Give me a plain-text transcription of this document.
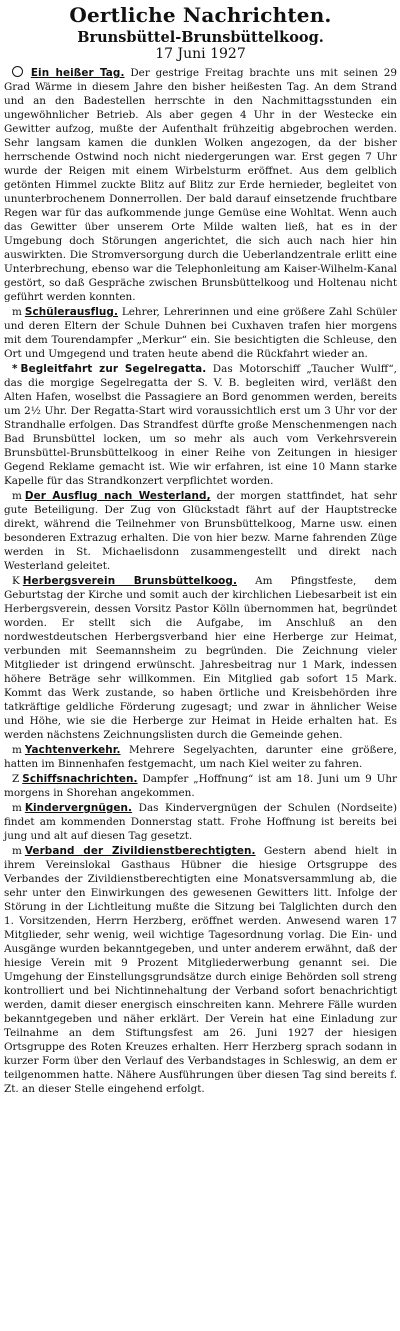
Oertliche Nachrichten.
Brunsbüttel-Brunsbüttelkoog.
17 Juni 1927

Ein heißer Tag. Der gestrige Freitag brachte uns mit seinen 29 Grad Wärme in diesem Jahre den bisher heißesten Tag. An dem Strand und an den Badestellen herrschte in den Nachmittagsstunden ein ungewöhnlicher Betrieb. Als aber gegen 4 Uhr in der Westecke ein Gewitter aufzog, mußte der Aufenthalt frühzeitig abgebrochen werden. Sehr langsam kamen die dunklen Wolken angezogen, da der bisher herrschende Ostwind noch nicht niedergerungen war. Erst gegen 7 Uhr wurde der Reigen mit einem Wirbelsturm eröffnet. Aus dem gelblich getönten Himmel zuckte Blitz auf Blitz zur Erde hernieder, begleitet von ununterbrochenem Donnerrollen. Der bald darauf einsetzende fruchtbare Regen war für das aufkommende junge Gemüse eine Wohltat. Wenn auch das Gewitter über unserem Orte Milde walten ließ, hat es in der Umgebung doch Störungen angerichtet, die sich auch nach hier hin auswirkten. Die Stromversorgung durch die Ueberlandzentrale erlitt eine Unterbrechung, ebenso war die Telephonleitung am Kaiser-Wilhelm-Kanal gestört, so daß Gespräche zwischen Brunsbüttelkoog und Holtenau nicht geführt werden konnten.

m Schülerausflug. Lehrer, Lehrerinnen und eine größere Zahl Schüler und deren Eltern der Schule Duhnen bei Cuxhaven trafen hier morgens mit dem Tourendampfer „Merkur“ ein. Sie besichtigten die Schleuse, den Ort und Umgegend und traten heute abend die Rückfahrt wieder an.

* Begleitfahrt zur Segelregatta. Das Motorschiff „Taucher Wulff“, das die morgige Segelregatta der S. V. B. begleiten wird, verläßt den Alten Hafen, woselbst die Passagiere an Bord genommen werden, bereits um 2½ Uhr. Der Regatta-Start wird voraussichtlich erst um 3 Uhr vor der Strandhalle erfolgen. Das Strandfest dürfte große Menschenmengen nach Bad Brunsbüttel locken, um so mehr als auch vom Verkehrsverein Brunsbüttel-Brunsbüttelkoog in einer Reihe von Zeitungen in hiesiger Gegend Reklame gemacht ist. Wie wir erfahren, ist eine 10 Mann starke Kapelle für das Strandkonzert verpflichtet worden.

m Der Ausflug nach Westerland, der morgen stattfindet, hat sehr gute Beteiligung. Der Zug von Glückstadt fährt auf der Hauptstrecke direkt, während die Teilnehmer von Brunsbüttelkoog, Marne usw. einen besonderen Extrazug erhalten. Die von hier bezw. Marne fahrenden Züge werden in St. Michaelisdonn zusammengestellt und direkt nach Westerland geleitet.

K Herbergsverein Brunsbüttelkoog. Am Pfingstfeste, dem Geburtstag der Kirche und somit auch der kirchlichen Liebesarbeit ist ein Herbergsverein, dessen Vorsitz Pastor Kölln übernommen hat, begründet worden. Er stellt sich die Aufgabe, im Anschluß an den nordwestdeutschen Herbergsverband hier eine Herberge zur Heimat, verbunden mit Seemannsheim zu begründen. Die Zeichnung vieler Mitglieder ist dringend erwünscht. Jahresbeitrag nur 1 Mark, indessen höhere Beträge sehr willkommen. Ein Mitglied gab sofort 15 Mark. Kommt das Werk zustande, so haben örtliche und Kreisbehörden ihre tatkräftige geldliche Förderung zugesagt; und zwar in ähnlicher Weise und Höhe, wie sie die Herberge zur Heimat in Heide erhalten hat. Es werden nächstens Zeichnungslisten durch die Gemeinde gehen.

m Yachtenverkehr. Mehrere Segelyachten, darunter eine größere, hatten im Binnenhafen festgemacht, um nach Kiel weiter zu fahren.

Z Schiffsnachrichten. Dampfer „Hoffnung“ ist am 18. Juni um 9 Uhr morgens in Shorehan angekommen.

m Kindervergnügen. Das Kindervergnügen der Schulen (Nordseite) findet am kommenden Donnerstag statt. Frohe Hoffnung ist bereits bei jung und alt auf diesen Tag gesetzt.

m Verband der Zivildienstberechtigten. Gestern abend hielt in ihrem Vereinslokal Gasthaus Hübner die hiesige Ortsgruppe des Verbandes der Zivildienstberechtigten eine Monatsversammlung ab, die sehr unter den Einwirkungen des gewesenen Gewitters litt. Infolge der Störung in der Lichtleitung mußte die Sitzung bei Talglichten durch den 1. Vorsitzenden, Herrn Herzberg, eröffnet werden. Anwesend waren 17 Mitglieder, sehr wenig, weil wichtige Tagesordnung vorlag. Die Ein- und Ausgänge wurden bekanntgegeben, und unter anderem erwähnt, daß der hiesige Verein mit 9 Prozent Mitgliederwerbung genannt sei. Die Umgehung der Einstellungsgrundsätze durch einige Behörden soll streng kontrolliert und bei Nichtinnehaltung der Verband sofort benachrichtigt werden, damit dieser energisch einschreiten kann. Mehrere Fälle wurden bekanntgegeben und näher erklärt. Der Verein hat eine Einladung zur Teilnahme an dem Stiftungsfest am 26. Juni 1927 der hiesigen Ortsgruppe des Roten Kreuzes erhalten. Herr Herzberg sprach sodann in kurzer Form über den Verlauf des Verbandstages in Schleswig, an dem er teilgenommen hatte. Nähere Ausführungen über diesen Tag sind bereits f. Zt. an dieser Stelle eingehend erfolgt.
